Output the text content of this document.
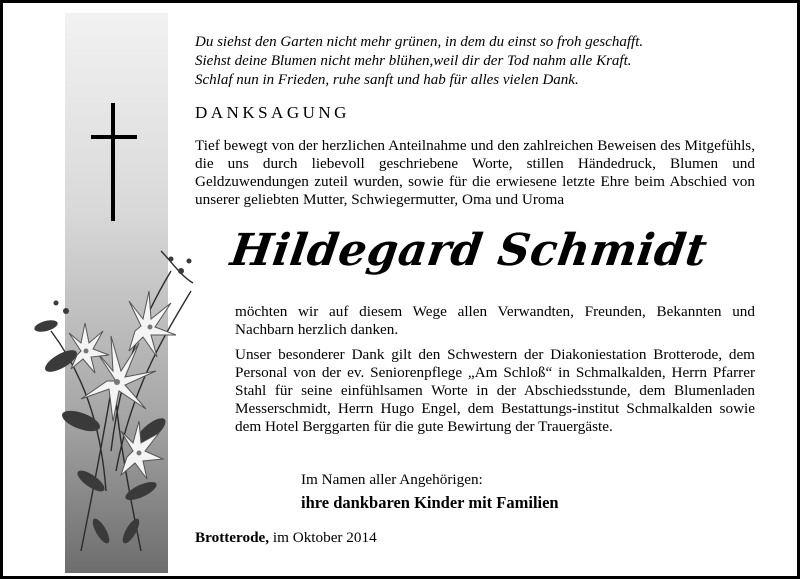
Du siehst den Garten nicht mehr grünen, in dem du einst so froh geschafft.
Siehst deine Blumen nicht mehr blühen,weil dir der Tod nahm alle Kraft.
Schlaf nun in Frieden, ruhe sanft und hab für alles vielen Dank.
DANKSAGUNG
Tief bewegt von der herzlichen Anteilnahme und den zahlreichen Beweisen des Mitgefühls, die uns durch liebevoll geschriebene Worte, stillen Händedruck, Blumen und Geldzuwendungen zuteil wurden, sowie für die erwiesene letzte Ehre beim Abschied von unserer geliebten Mutter, Schwiegermutter, Oma und Uroma
Hildegard Schmidt
möchten wir auf diesem Wege allen Verwandten, Freunden, Bekannten und Nachbarn herzlich danken.
Unser besonderer Dank gilt den Schwestern der Diakoniestation Brotterode, dem Personal von der ev. Seniorenpflege „Am Schloß“ in Schmalkalden, Herrn Pfarrer Stahl für seine einfühlsamen Worte in der Abschiedsstunde, dem Blumenladen Messerschmidt, Herrn Hugo Engel, dem Bestattungs-institut Schmalkalden sowie dem Hotel Berggarten für die gute Bewirtung der Trauergäste.
Im Namen aller Angehörigen:
ihre dankbaren Kinder mit Familien
Brotterode, im Oktober 2014
